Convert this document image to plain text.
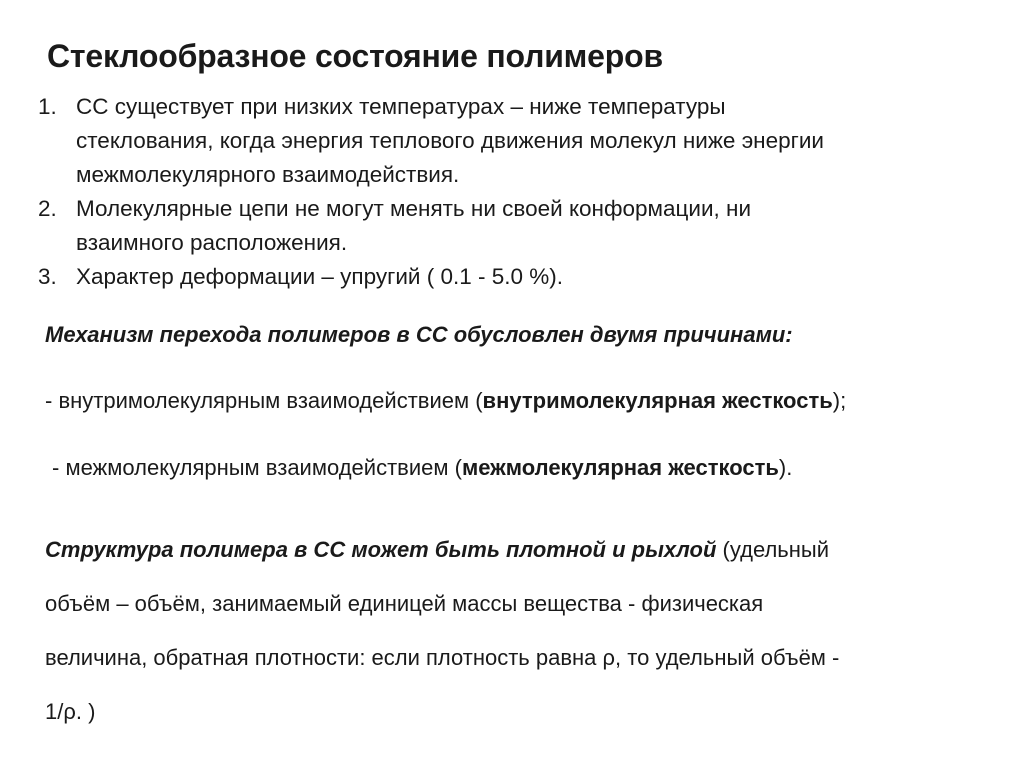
Стеклообразное состояние полимеров
1. СС существует при низких температурах – ниже температуры
стеклования, когда энергия теплового движения молекул ниже энергии
межмолекулярного взаимодействия.
2. Молекулярные цепи не могут менять ни своей конформации, ни
взаимного расположения.
3. Характер деформации – упругий ( 0.1 - 5.0 %).
Механизм перехода полимеров в СС обусловлен двумя причинами:
- внутримолекулярным взаимодействием (внутримолекулярная жесткость);
- межмолекулярным взаимодействием (межмолекулярная жесткость).
Структура полимера в СС может быть плотной и рыхлой (удельный
объём – объём, занимаемый единицей массы вещества - физическая
величина, обратная плотности: если плотность равна ρ, то удельный объём -
1/ρ. )
